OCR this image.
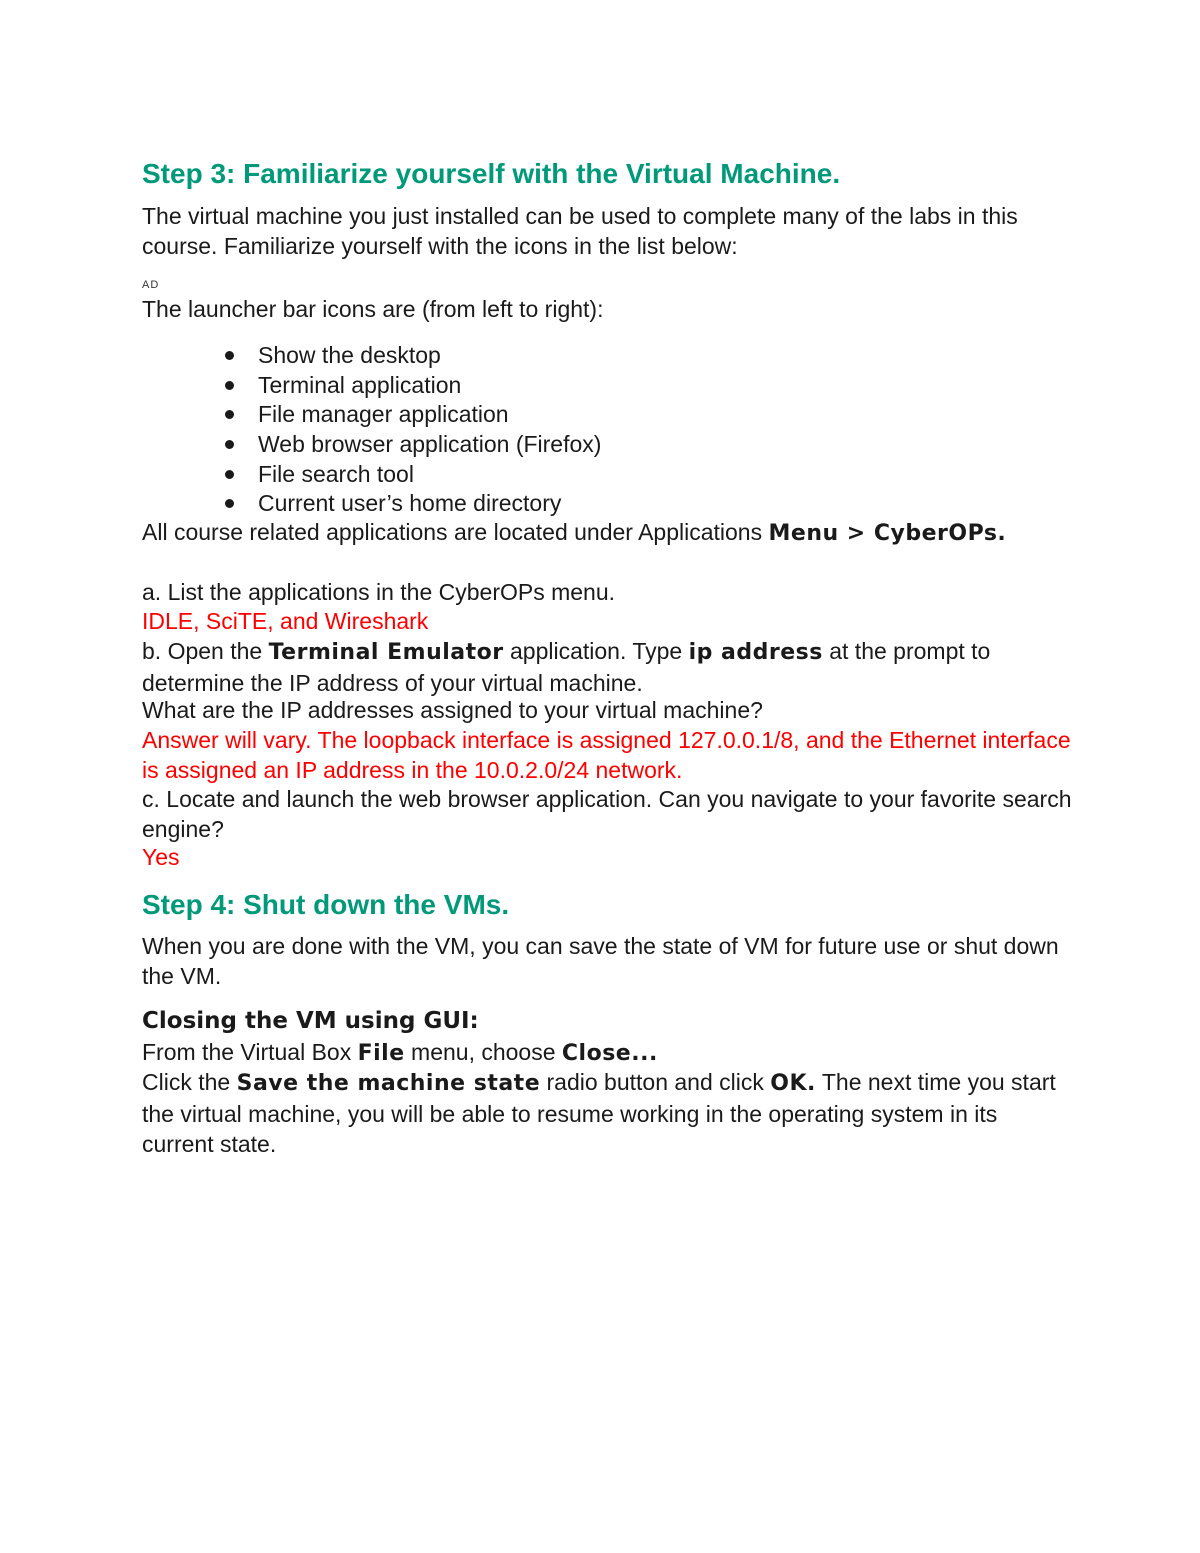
Step 3: Familiarize yourself with the Virtual Machine.

The virtual machine you just installed can be used to complete many of the labs in this course. Familiarize yourself with the icons in the list below:

AD

The launcher bar icons are (from left to right):

Show the desktop
Terminal application
File manager application
Web browser application (Firefox)
File search tool
Current user’s home directory
All course related applications are located under Applications Menu > CyberOPs.
a. List the applications in the CyberOPs menu.
IDLE, SciTE, and Wireshark
b. Open the Terminal Emulator application. Type ip address at the prompt to determine the IP address of your virtual machine.
What are the IP addresses assigned to your virtual machine?
Answer will vary. The loopback interface is assigned 127.0.0.1/8, and the Ethernet interface is assigned an IP address in the 10.0.2.0/24 network.
c. Locate and launch the web browser application. Can you navigate to your favorite search engine?
Yes
Step 4: Shut down the VMs.
When you are done with the VM, you can save the state of VM for future use or shut down the VM.
Closing the VM using GUI:
From the Virtual Box File menu, choose Close...
Click the Save the machine state radio button and click OK. The next time you start the virtual machine, you will be able to resume working in the operating system in its current state.
